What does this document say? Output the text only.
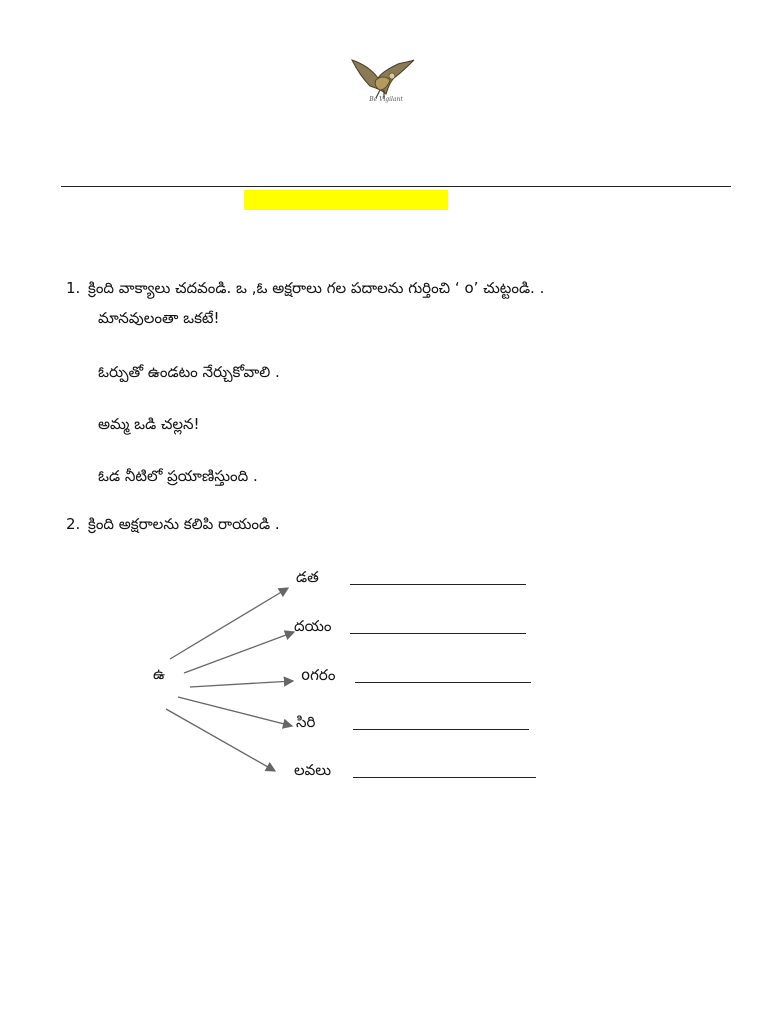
Be Vigilant
1. క్రింది వాక్యాలు చదవండి. ఒ ,ఓ అక్షరాలు గల పదాలను గుర్తించి ‘ o’ చుట్టండి. .
మానవులంతా ఒకటే!
ఓర్పుతో ఉండటం నేర్చుకోవాలి .
అమ్మ ఒడి చల్లన!
ఓడ నీటిలో ప్రయాణిస్తుంది .
2. క్రింది అక్షరాలను కలిపి రాయండి .
ఉ
డత
దయం
oగరం
సిరి
లవలు
